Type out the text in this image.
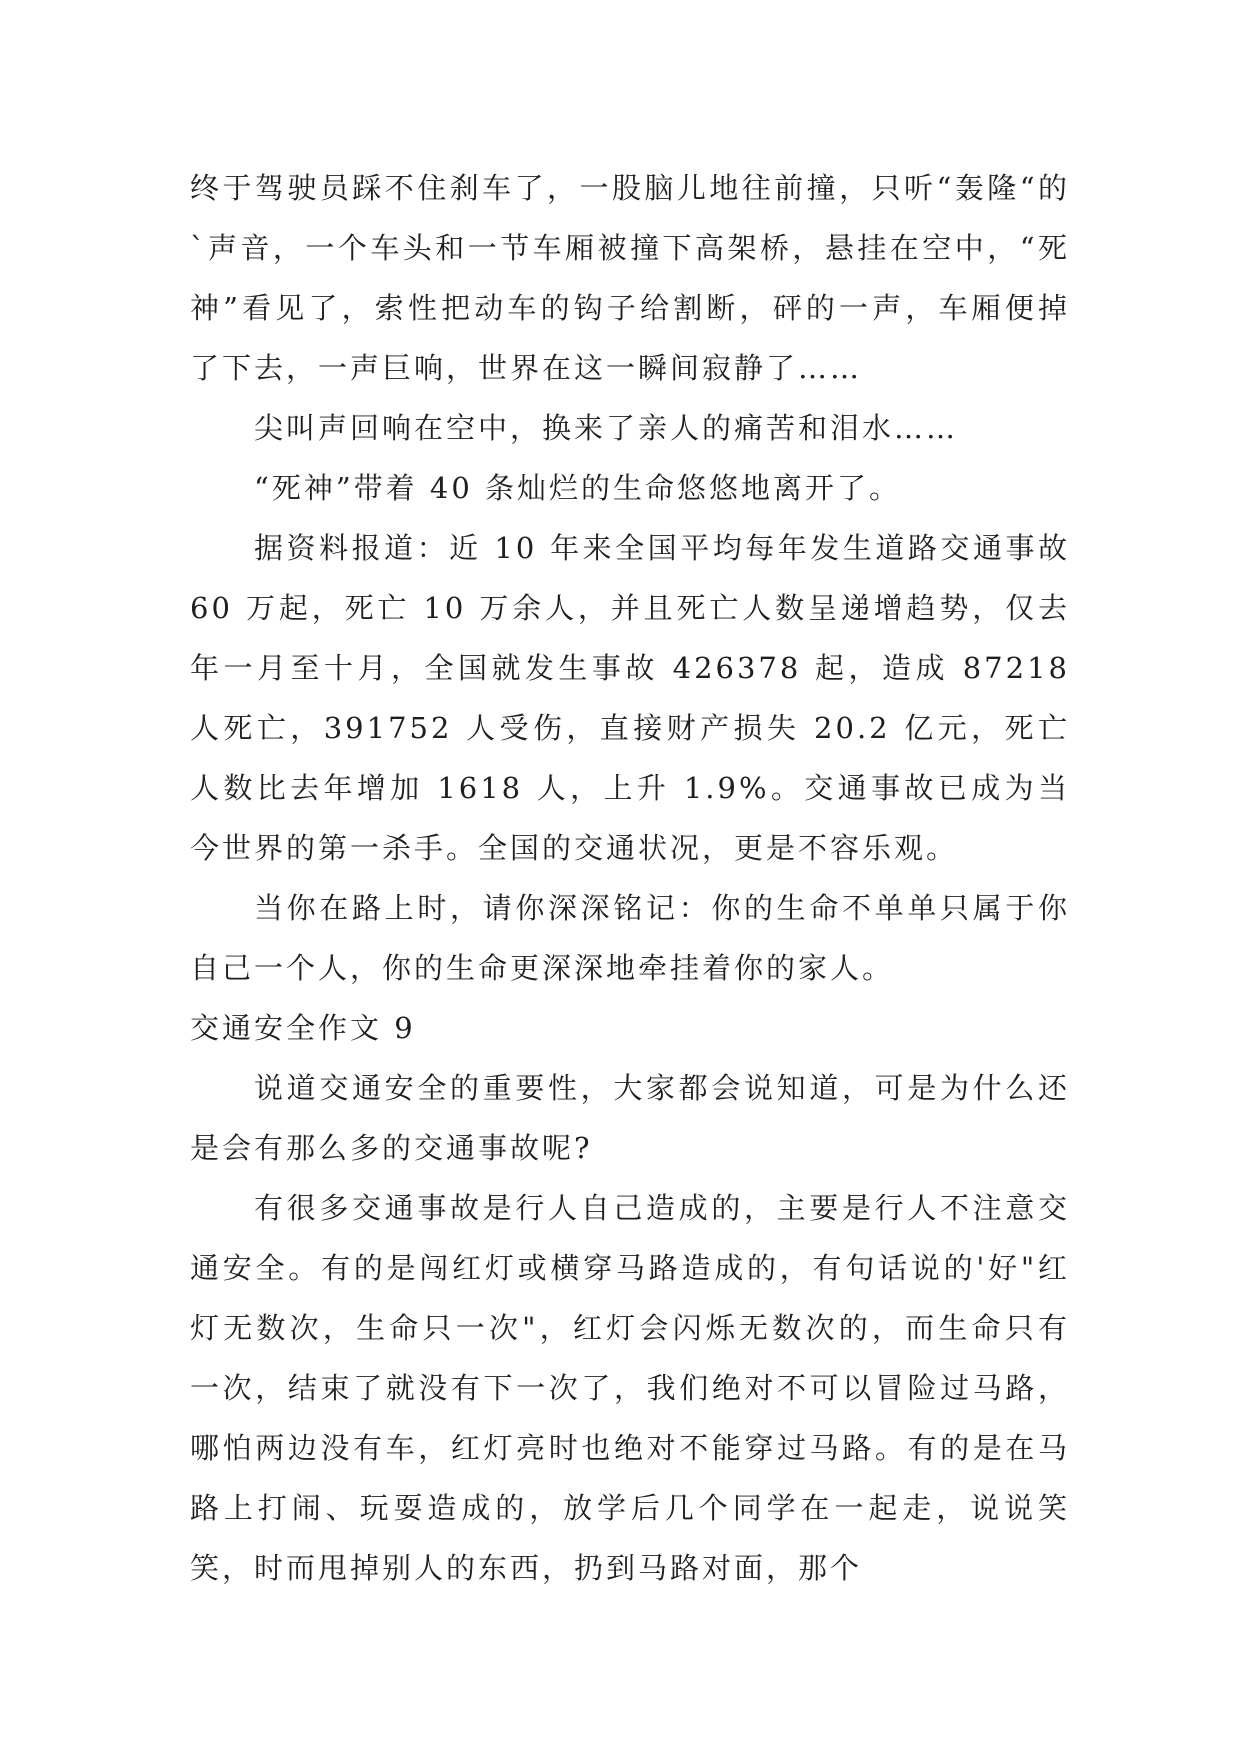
终于驾驶员踩不住刹车了，一股脑儿地往前撞，只听“轰隆“的`声音，一个车头和一节车厢被撞下高架桥，悬挂在空中，“死神”看见了，索性把动车的钩子给割断，砰的一声，车厢便掉了下去，一声巨响，世界在这一瞬间寂静了……

尖叫声回响在空中，换来了亲人的痛苦和泪水……

“死神”带着 40 条灿烂的生命悠悠地离开了。

据资料报道：近 10 年来全国平均每年发生道路交通事故 60 万起，死亡 10 万余人，并且死亡人数呈递增趋势，仅去年一月至十月，全国就发生事故 426378 起，造成 87218 人死亡，391752 人受伤，直接财产损失 20.2 亿元，死亡人数比去年增加 1618 人，上升 1.9%。交通事故已成为当今世界的第一杀手。全国的交通状况，更是不容乐观。

当你在路上时，请你深深铭记：你的生命不单单只属于你自己一个人，你的生命更深深地牵挂着你的家人。

交通安全作文 9

说道交通安全的重要性，大家都会说知道，可是为什么还是会有那么多的交通事故呢?

有很多交通事故是行人自己造成的，主要是行人不注意交通安全。有的是闯红灯或横穿马路造成的，有句话说的'好"红灯无数次，生命只一次"，红灯会闪烁无数次的，而生命只有一次，结束了就没有下一次了，我们绝对不可以冒险过马路，哪怕两边没有车，红灯亮时也绝对不能穿过马路。有的是在马路上打闹、玩耍造成的，放学后几个同学在一起走，说说笑笑，时而甩掉别人的东西，扔到马路对面，那个
